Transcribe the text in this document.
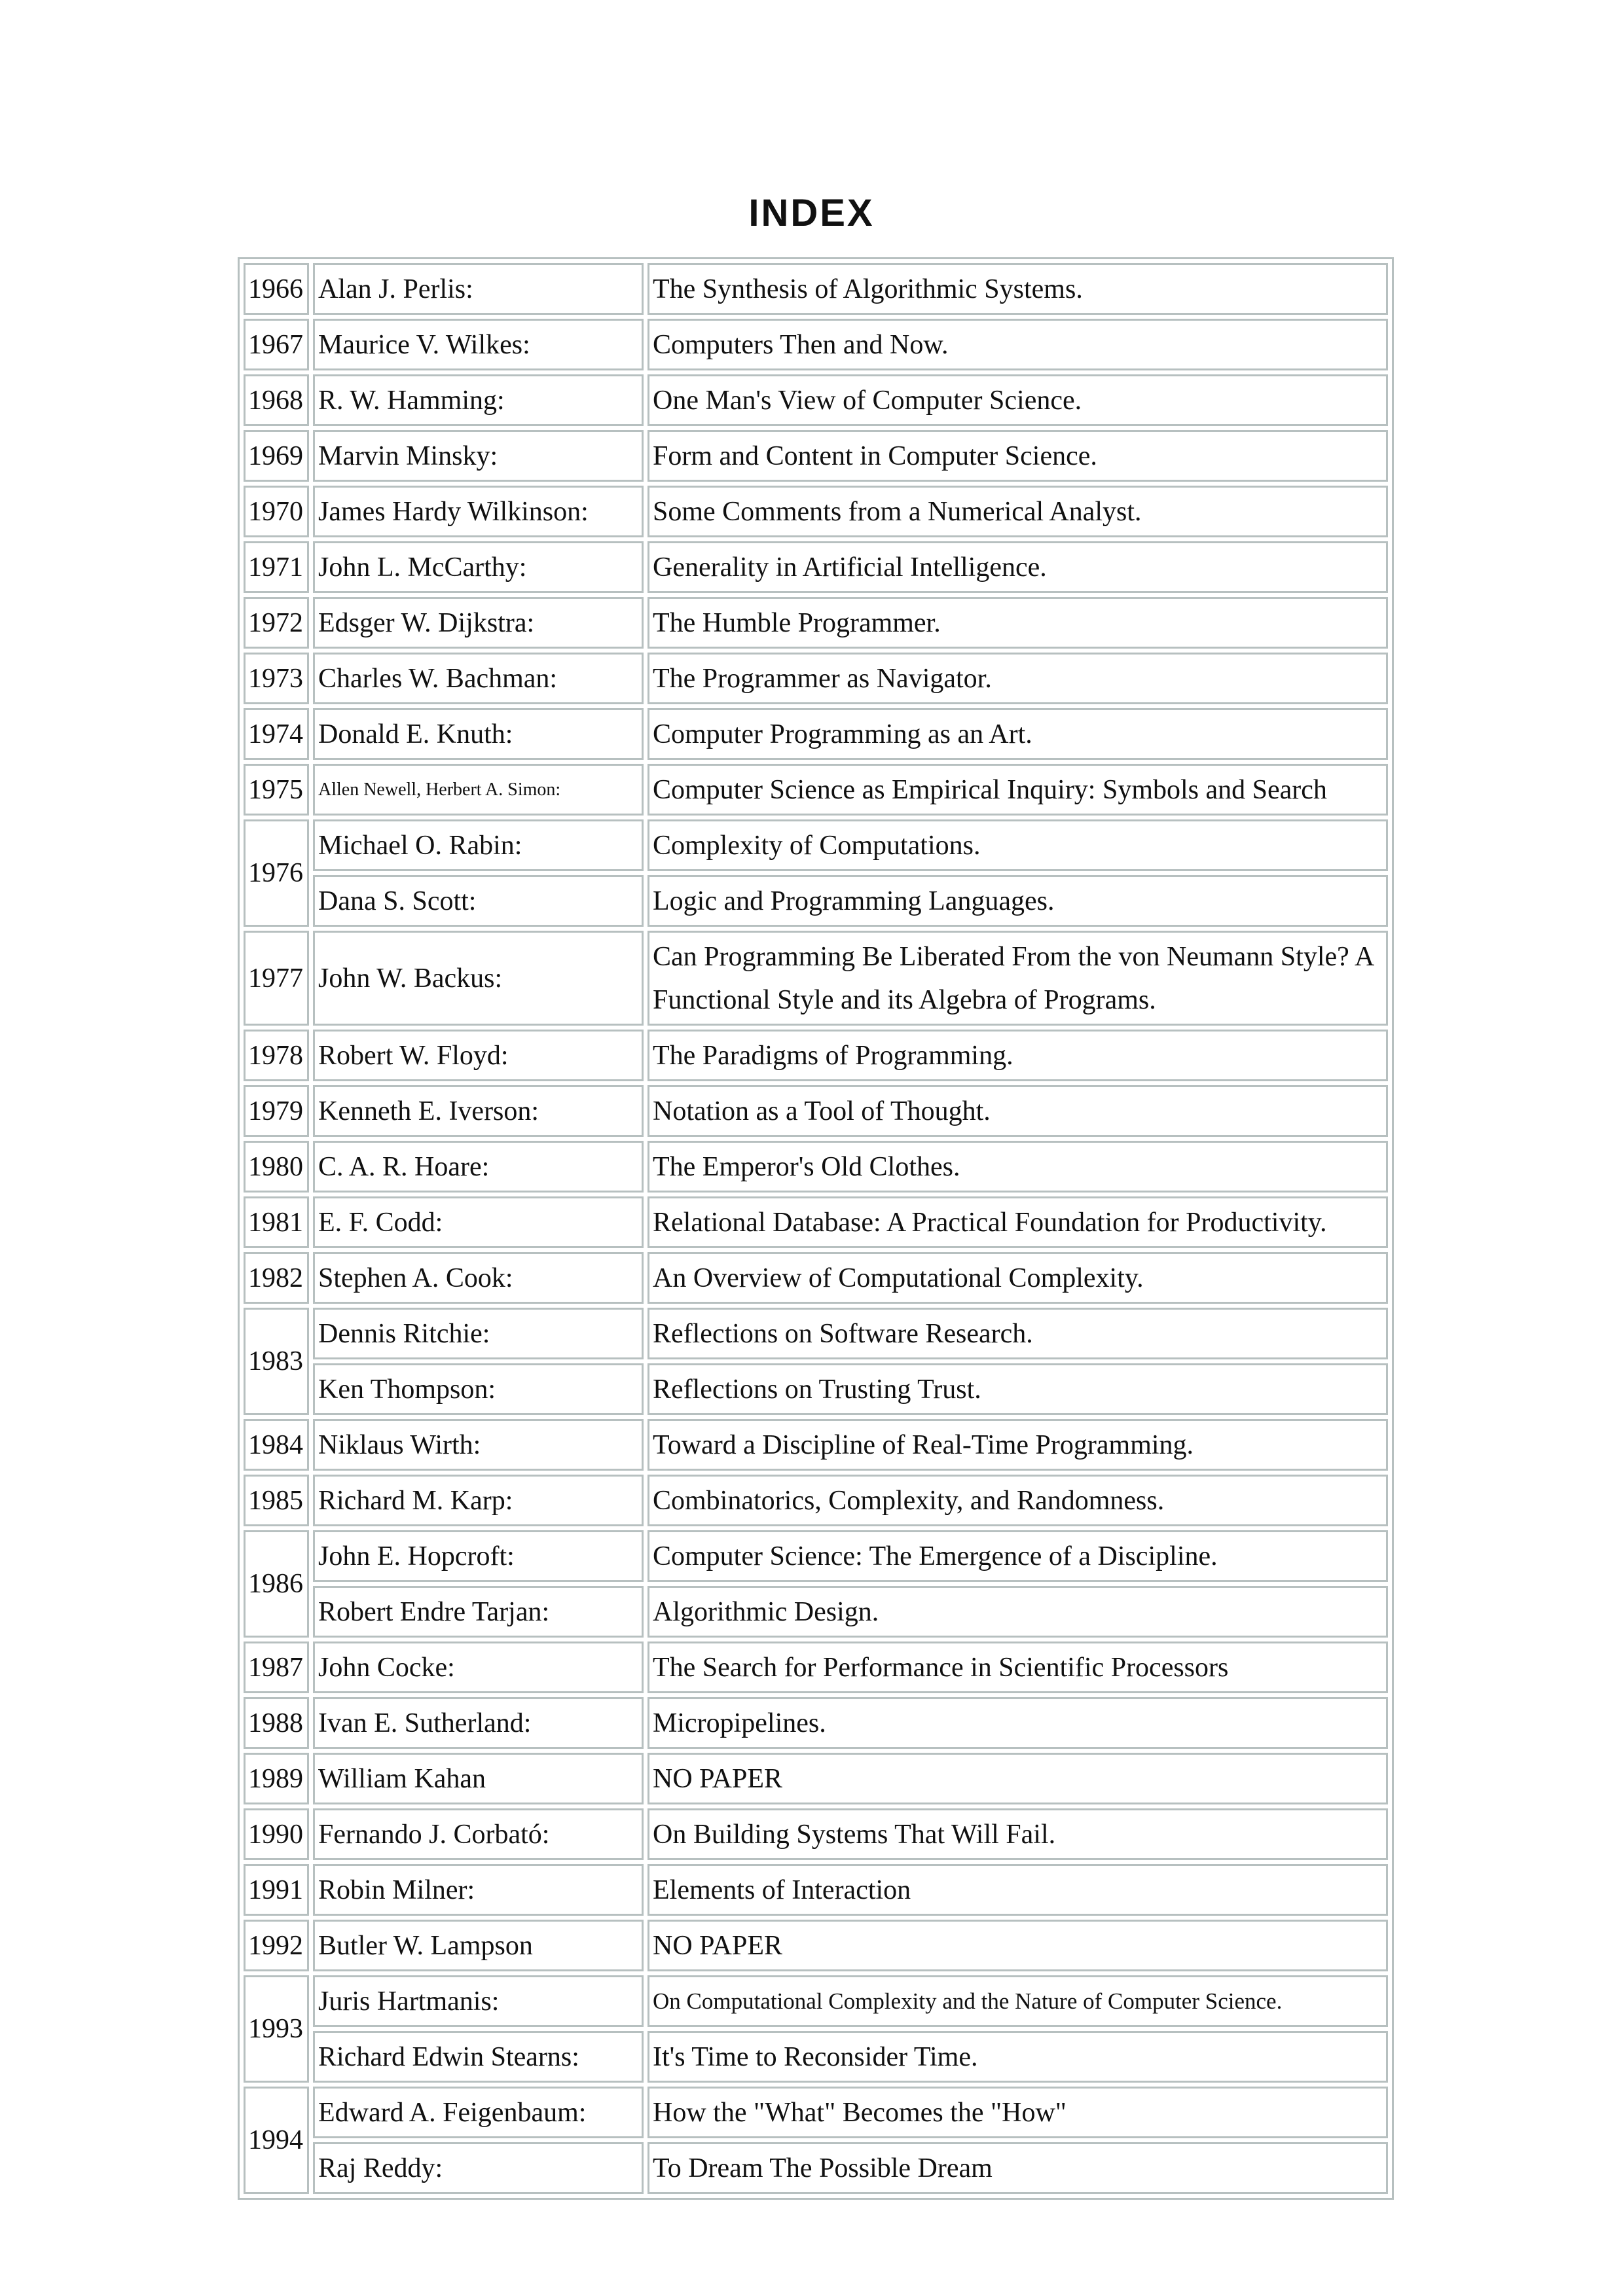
INDEX
1966	Alan J. Perlis:	The Synthesis of Algorithmic Systems.
1967	Maurice V. Wilkes:	Computers Then and Now.
1968	R. W. Hamming:	One Man's View of Computer Science.
1969	Marvin Minsky:	Form and Content in Computer Science.
1970	James Hardy Wilkinson:	Some Comments from a Numerical Analyst.
1971	John L. McCarthy:	Generality in Artificial Intelligence.
1972	Edsger W. Dijkstra:	The Humble Programmer.
1973	Charles W. Bachman:	The Programmer as Navigator.
1974	Donald E. Knuth:	Computer Programming as an Art.
1975	Allen Newell, Herbert A. Simon:	Computer Science as Empirical Inquiry: Symbols and Search
1976	Michael O. Rabin:	Complexity of Computations.
	Dana S. Scott:	Logic and Programming Languages.
1977	John W. Backus:	Can Programming Be Liberated From the von Neumann Style? A Functional Style and its Algebra of Programs.
1978	Robert W. Floyd:	The Paradigms of Programming.
1979	Kenneth E. Iverson:	Notation as a Tool of Thought.
1980	C. A. R. Hoare:	The Emperor's Old Clothes.
1981	E. F. Codd:	Relational Database: A Practical Foundation for Productivity.
1982	Stephen A. Cook:	An Overview of Computational Complexity.
1983	Dennis Ritchie:	Reflections on Software Research.
	Ken Thompson:	Reflections on Trusting Trust.
1984	Niklaus Wirth:	Toward a Discipline of Real-Time Programming.
1985	Richard M. Karp:	Combinatorics, Complexity, and Randomness.
1986	John E. Hopcroft:	Computer Science: The Emergence of a Discipline.
	Robert Endre Tarjan:	Algorithmic Design.
1987	John Cocke:	The Search for Performance in Scientific Processors
1988	Ivan E. Sutherland:	Micropipelines.
1989	William Kahan	NO PAPER
1990	Fernando J. Corbató:	On Building Systems That Will Fail.
1991	Robin Milner:	Elements of Interaction
1992	Butler W. Lampson	NO PAPER
1993	Juris Hartmanis:	On Computational Complexity and the Nature of Computer Science.
	Richard Edwin Stearns:	It's Time to Reconsider Time.
1994	Edward A. Feigenbaum:	How the "What" Becomes the "How"
	Raj Reddy:	To Dream The Possible Dream
